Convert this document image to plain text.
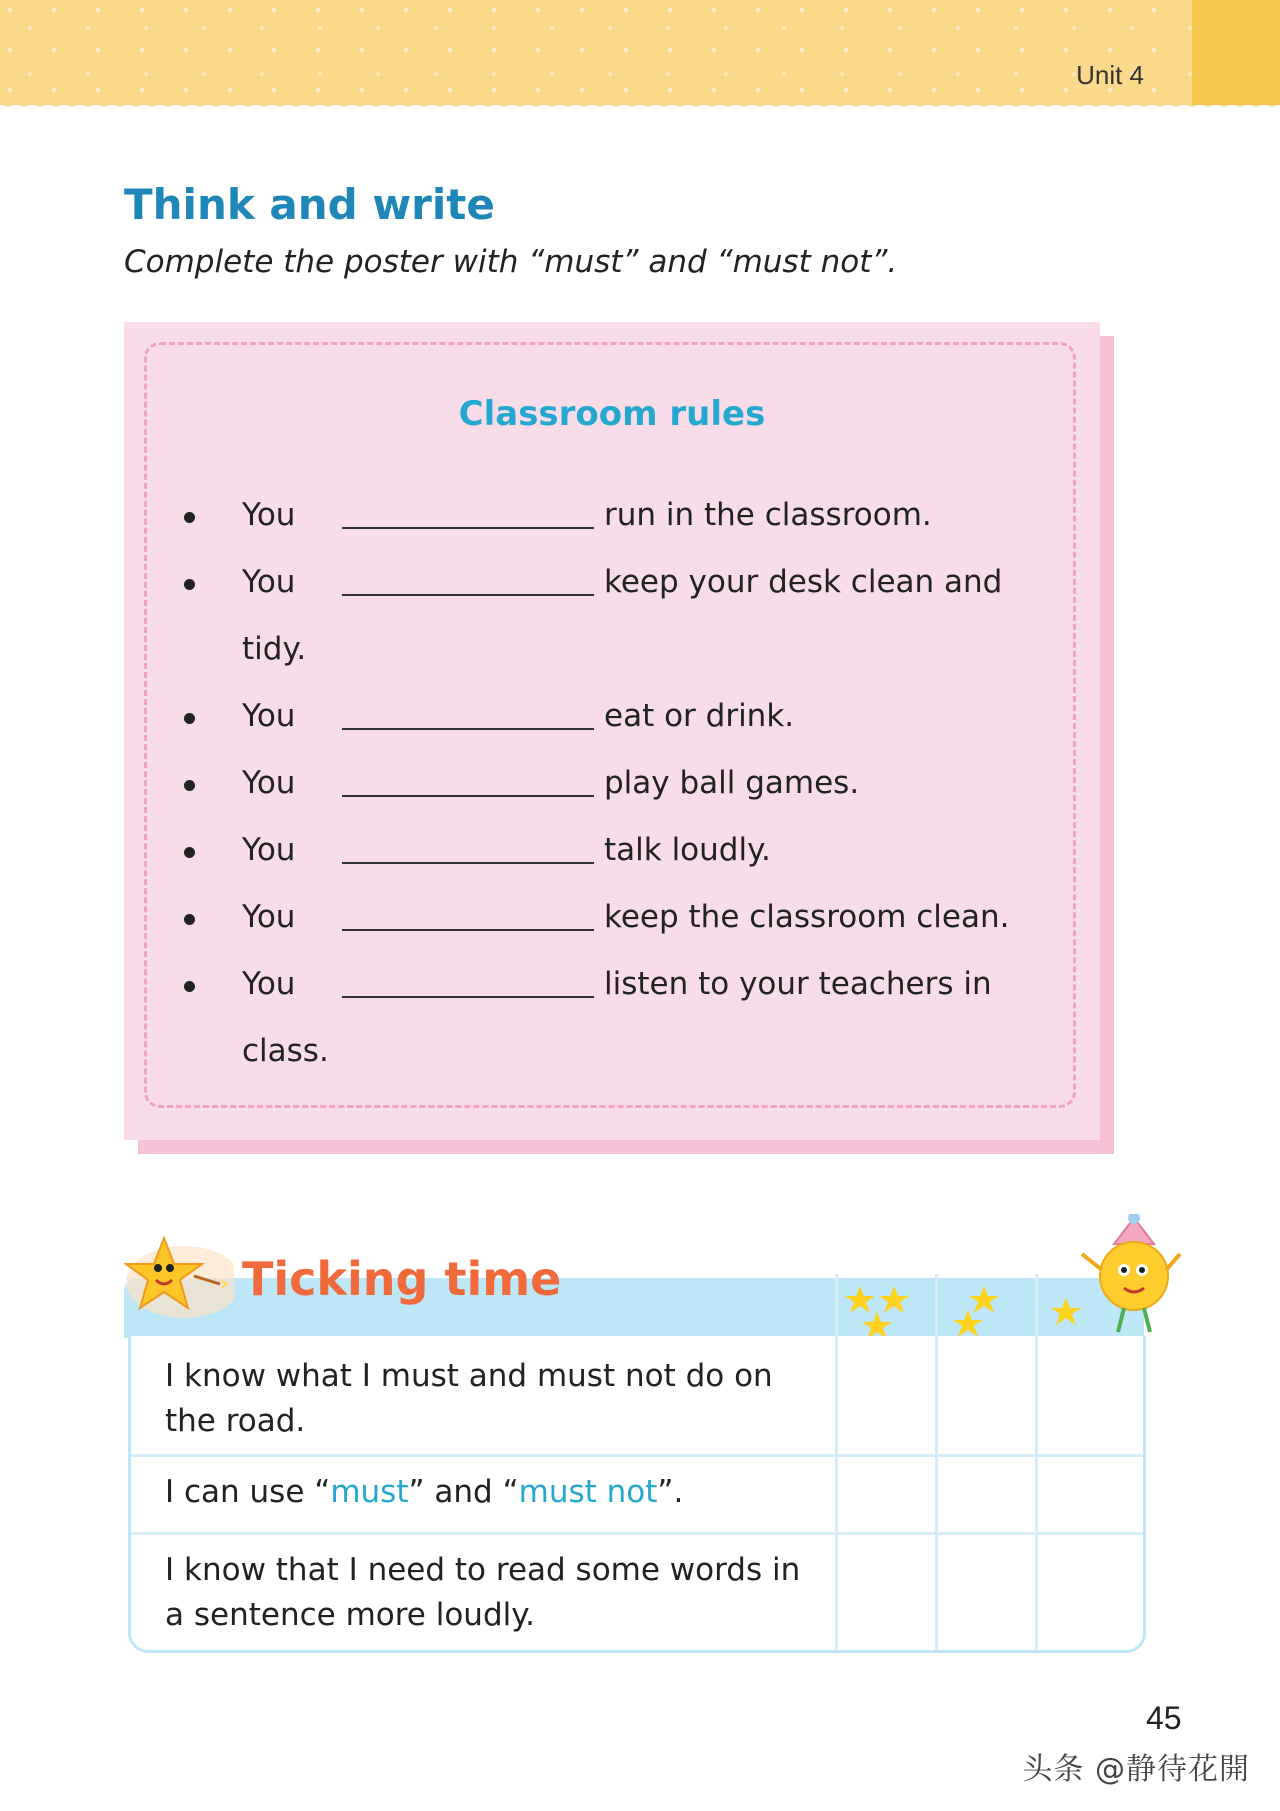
Unit 4
Think and write

Complete the poster with “must” and “must not”.

Classroom rules
You	run in the classroom.
You	keep your desk clean and
tidy.
You	eat or drink.
You	play ball games.
You	talk loudly.
You	keep the classroom clean.
You	listen to your teachers in
class.
Ticking time
I know what I must and must not do on
the road.
I can use “must” and “must not”.
I know that I need to read some words in
a sentence more loudly.
45
头条 @静待花開
